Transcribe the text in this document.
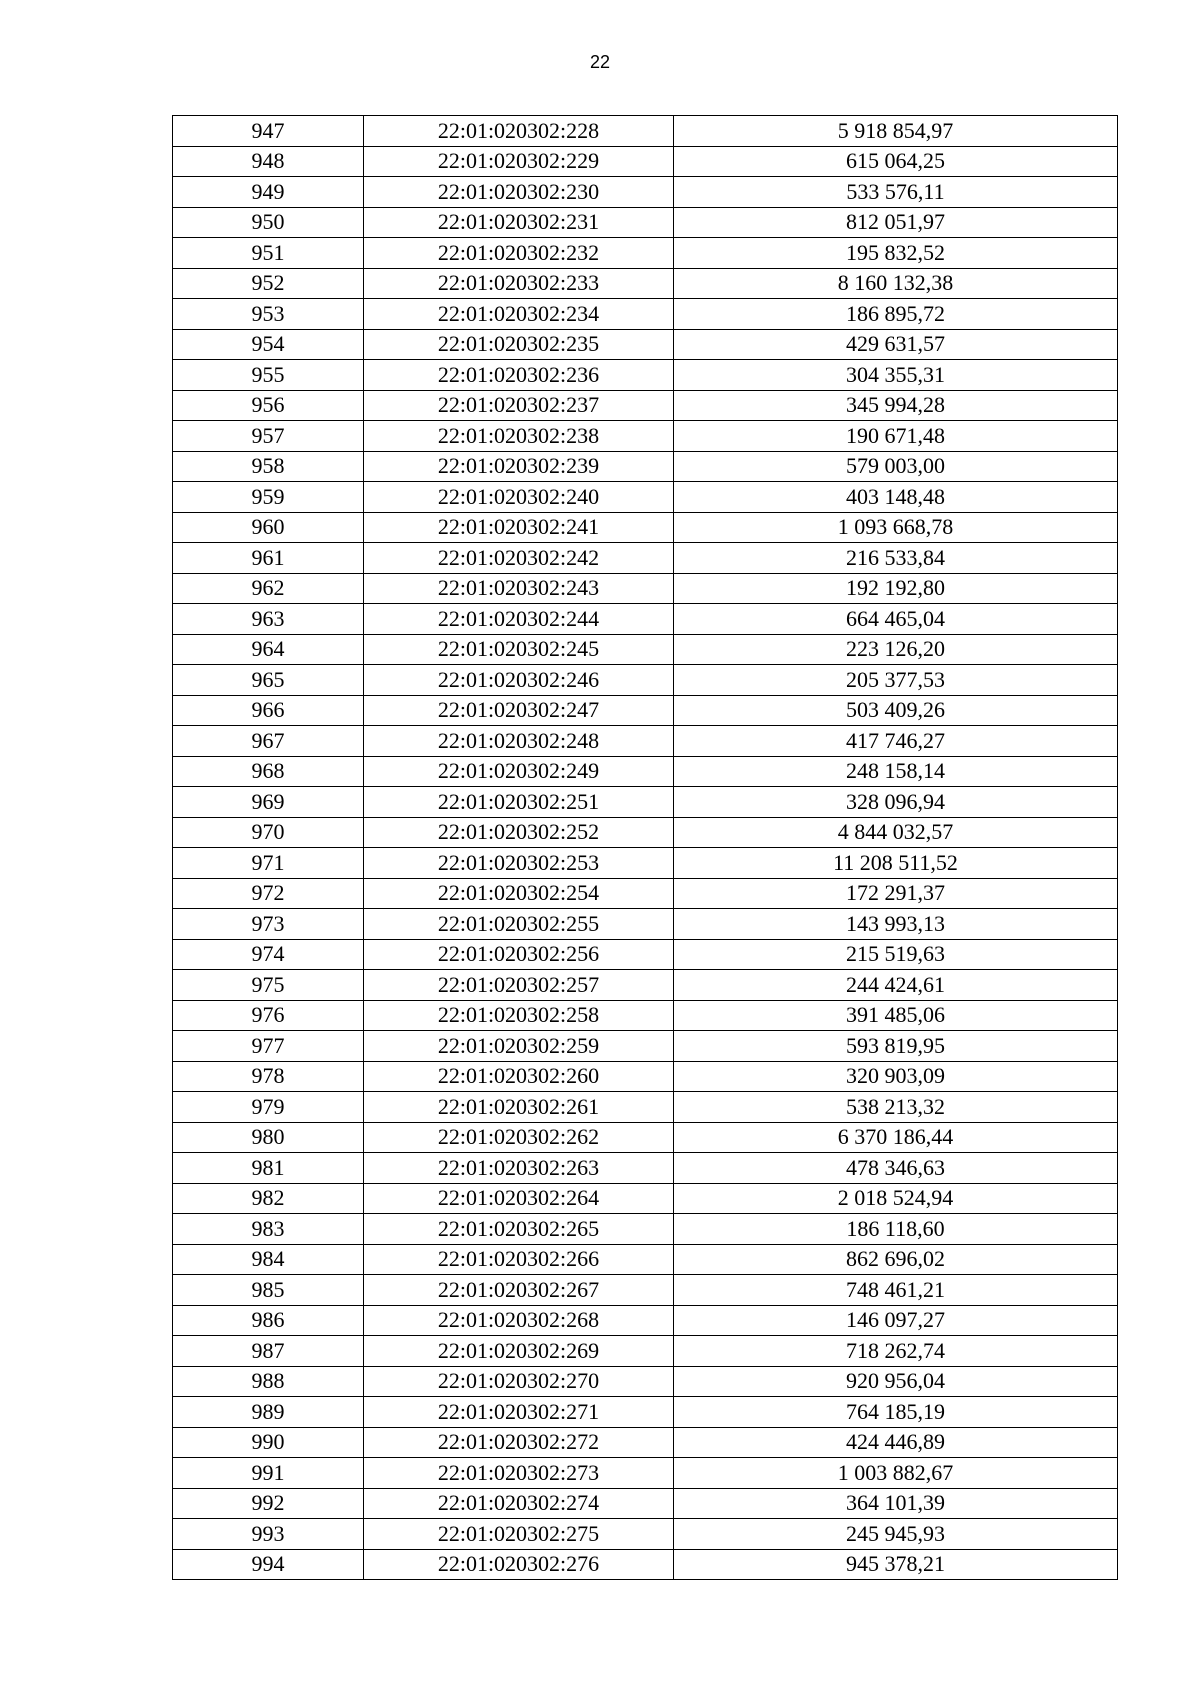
22
947	22:01:020302:228	5 918 854,97
948	22:01:020302:229	615 064,25
949	22:01:020302:230	533 576,11
950	22:01:020302:231	812 051,97
951	22:01:020302:232	195 832,52
952	22:01:020302:233	8 160 132,38
953	22:01:020302:234	186 895,72
954	22:01:020302:235	429 631,57
955	22:01:020302:236	304 355,31
956	22:01:020302:237	345 994,28
957	22:01:020302:238	190 671,48
958	22:01:020302:239	579 003,00
959	22:01:020302:240	403 148,48
960	22:01:020302:241	1 093 668,78
961	22:01:020302:242	216 533,84
962	22:01:020302:243	192 192,80
963	22:01:020302:244	664 465,04
964	22:01:020302:245	223 126,20
965	22:01:020302:246	205 377,53
966	22:01:020302:247	503 409,26
967	22:01:020302:248	417 746,27
968	22:01:020302:249	248 158,14
969	22:01:020302:251	328 096,94
970	22:01:020302:252	4 844 032,57
971	22:01:020302:253	11 208 511,52
972	22:01:020302:254	172 291,37
973	22:01:020302:255	143 993,13
974	22:01:020302:256	215 519,63
975	22:01:020302:257	244 424,61
976	22:01:020302:258	391 485,06
977	22:01:020302:259	593 819,95
978	22:01:020302:260	320 903,09
979	22:01:020302:261	538 213,32
980	22:01:020302:262	6 370 186,44
981	22:01:020302:263	478 346,63
982	22:01:020302:264	2 018 524,94
983	22:01:020302:265	186 118,60
984	22:01:020302:266	862 696,02
985	22:01:020302:267	748 461,21
986	22:01:020302:268	146 097,27
987	22:01:020302:269	718 262,74
988	22:01:020302:270	920 956,04
989	22:01:020302:271	764 185,19
990	22:01:020302:272	424 446,89
991	22:01:020302:273	1 003 882,67
992	22:01:020302:274	364 101,39
993	22:01:020302:275	245 945,93
994	22:01:020302:276	945 378,21
